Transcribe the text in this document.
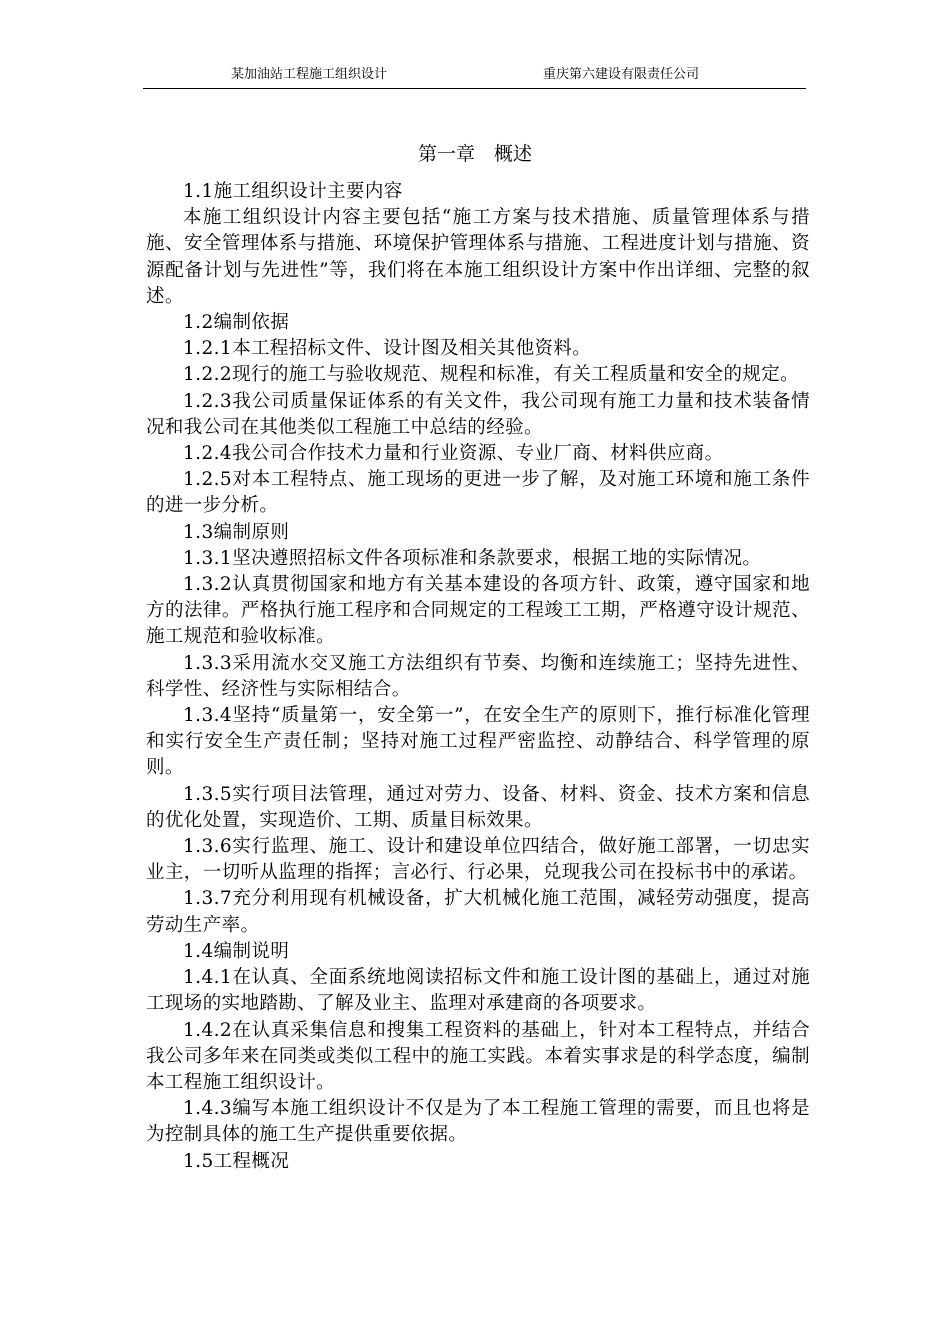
某加油站工程施工组织设计	重庆第六建设有限责任公司
第一章　概述

1.1施工组织设计主要内容

本施工组织设计内容主要包括“施工方案与技术措施、质量管理体系与措施、安全管理体系与措施、环境保护管理体系与措施、工程进度计划与措施、资源配备计划与先进性”等，我们将在本施工组织设计方案中作出详细、完整的叙述。

1.2编制依据

1.2.1本工程招标文件、设计图及相关其他资料。

1.2.2现行的施工与验收规范、规程和标准，有关工程质量和安全的规定。

1.2.3我公司质量保证体系的有关文件，我公司现有施工力量和技术装备情况和我公司在其他类似工程施工中总结的经验。

1.2.4我公司合作技术力量和行业资源、专业厂商、材料供应商。

1.2.5对本工程特点、施工现场的更进一步了解，及对施工环境和施工条件的进一步分析。

1.3编制原则

1.3.1坚决遵照招标文件各项标准和条款要求，根据工地的实际情况。

1.3.2认真贯彻国家和地方有关基本建设的各项方针、政策，遵守国家和地方的法律。严格执行施工程序和合同规定的工程竣工工期，严格遵守设计规范、施工规范和验收标准。

1.3.3采用流水交叉施工方法组织有节奏、均衡和连续施工；坚持先进性、科学性、经济性与实际相结合。

1.3.4坚持“质量第一，安全第一”，在安全生产的原则下，推行标准化管理和实行安全生产责任制；坚持对施工过程严密监控、动静结合、科学管理的原则。

1.3.5实行项目法管理，通过对劳力、设备、材料、资金、技术方案和信息的优化处置，实现造价、工期、质量目标效果。

1.3.6实行监理、施工、设计和建设单位四结合，做好施工部署，一切忠实业主，一切听从监理的指挥；言必行、行必果，兑现我公司在投标书中的承诺。

1.3.7充分利用现有机械设备，扩大机械化施工范围，减轻劳动强度，提高劳动生产率。

1.4编制说明

1.4.1在认真、全面系统地阅读招标文件和施工设计图的基础上，通过对施工现场的实地踏勘、了解及业主、监理对承建商的各项要求。

1.4.2在认真采集信息和搜集工程资料的基础上，针对本工程特点，并结合我公司多年来在同类或类似工程中的施工实践。本着实事求是的科学态度，编制本工程施工组织设计。

1.4.3编写本施工组织设计不仅是为了本工程施工管理的需要，而且也将是为控制具体的施工生产提供重要依据。

1.5工程概况
